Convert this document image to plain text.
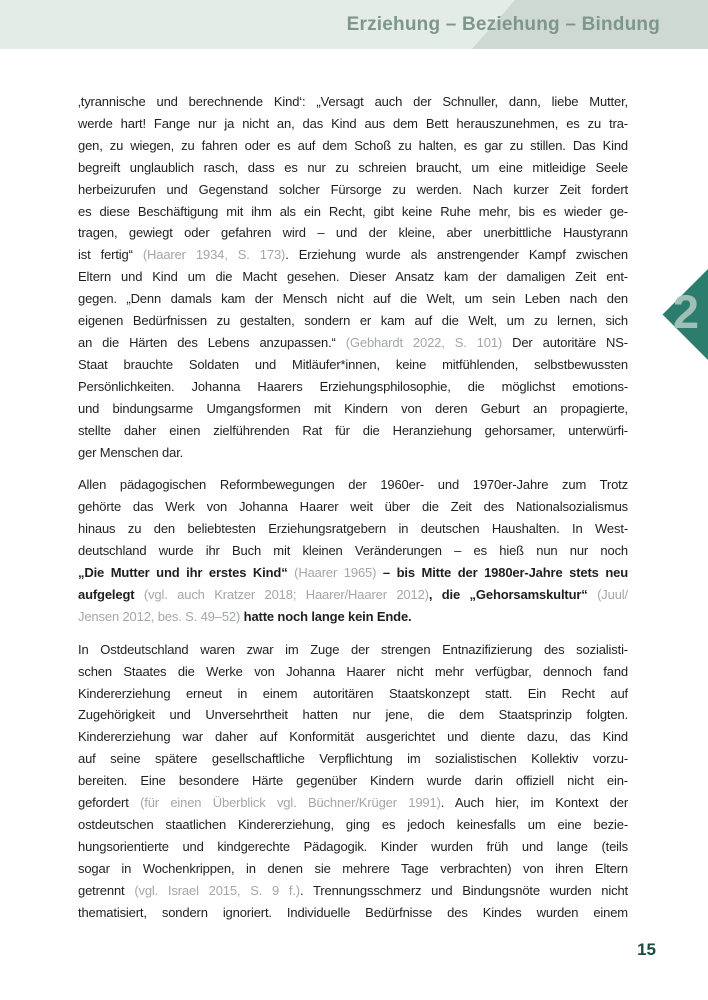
Erziehung – Beziehung – Bindung
2
‚tyrannische und berechnende Kind‘: „Versagt auch der Schnuller, dann, liebe Mutter,
werde hart! Fange nur ja nicht an, das Kind aus dem Bett herauszunehmen, es zu tra-
gen, zu wiegen, zu fahren oder es auf dem Schoß zu halten, es gar zu stillen. Das Kind
begreift unglaublich rasch, dass es nur zu schreien braucht, um eine mitleidige Seele
herbeizurufen und Gegenstand solcher Fürsorge zu werden. Nach kurzer Zeit fordert
es diese Beschäftigung mit ihm als ein Recht, gibt keine Ruhe mehr, bis es wieder ge-
tragen, gewiegt oder gefahren wird – und der kleine, aber unerbittliche Haustyrann
ist fertig“ (Haarer 1934, S. 173). Erziehung wurde als anstrengender Kampf zwischen
Eltern und Kind um die Macht gesehen. Dieser Ansatz kam der damaligen Zeit ent-
gegen. „Denn damals kam der Mensch nicht auf die Welt, um sein Leben nach den
eigenen Bedürfnissen zu gestalten, sondern er kam auf die Welt, um zu lernen, sich
an die Härten des Lebens anzupassen.“ (Gebhardt 2022, S. 101) Der autoritäre NS-
Staat brauchte Soldaten und Mitläufer*innen, keine mitfühlenden, selbstbewussten
Persönlichkeiten. Johanna Haarers Erziehungsphilosophie, die möglichst emotions-
und bindungsarme Umgangsformen mit Kindern von deren Geburt an propagierte,
stellte daher einen zielführenden Rat für die Heranziehung gehorsamer, unterwürfi-
ger Menschen dar.
Allen pädagogischen Reformbewegungen der 1960er- und 1970er-Jahre zum Trotz
gehörte das Werk von Johanna Haarer weit über die Zeit des Nationalsozialismus
hinaus zu den beliebtesten Erziehungsratgebern in deutschen Haushalten. In West-
deutschland wurde ihr Buch mit kleinen Veränderungen – es hieß nun nur noch
„Die Mutter und ihr erstes Kind“ (Haarer 1965) – bis Mitte der 1980er-Jahre stets neu
aufgelegt (vgl. auch Kratzer 2018; Haarer/Haarer 2012), die „Gehorsamskultur“ (Juul/
Jensen 2012, bes. S. 49–52) hatte noch lange kein Ende.
In Ostdeutschland waren zwar im Zuge der strengen Entnazifizierung des sozialisti-
schen Staates die Werke von Johanna Haarer nicht mehr verfügbar, dennoch fand
Kindererziehung erneut in einem autoritären Staatskonzept statt. Ein Recht auf
Zugehörigkeit und Unversehrtheit hatten nur jene, die dem Staatsprinzip folgten.
Kindererziehung war daher auf Konformität ausgerichtet und diente dazu, das Kind
auf seine spätere gesellschaftliche Verpflichtung im sozialistischen Kollektiv vorzu-
bereiten. Eine besondere Härte gegenüber Kindern wurde darin offiziell nicht ein-
gefordert (für einen Überblick vgl. Büchner/Krüger 1991). Auch hier, im Kontext der
ostdeutschen staatlichen Kindererziehung, ging es jedoch keinesfalls um eine bezie-
hungsorientierte und kindgerechte Pädagogik. Kinder wurden früh und lange (teils
sogar in Wochenkrippen, in denen sie mehrere Tage verbrachten) von ihren Eltern
getrennt (vgl. Israel 2015, S. 9 f.). Trennungsschmerz und Bindungsnöte wurden nicht
thematisiert, sondern ignoriert. Individuelle Bedürfnisse des Kindes wurden einem
15
